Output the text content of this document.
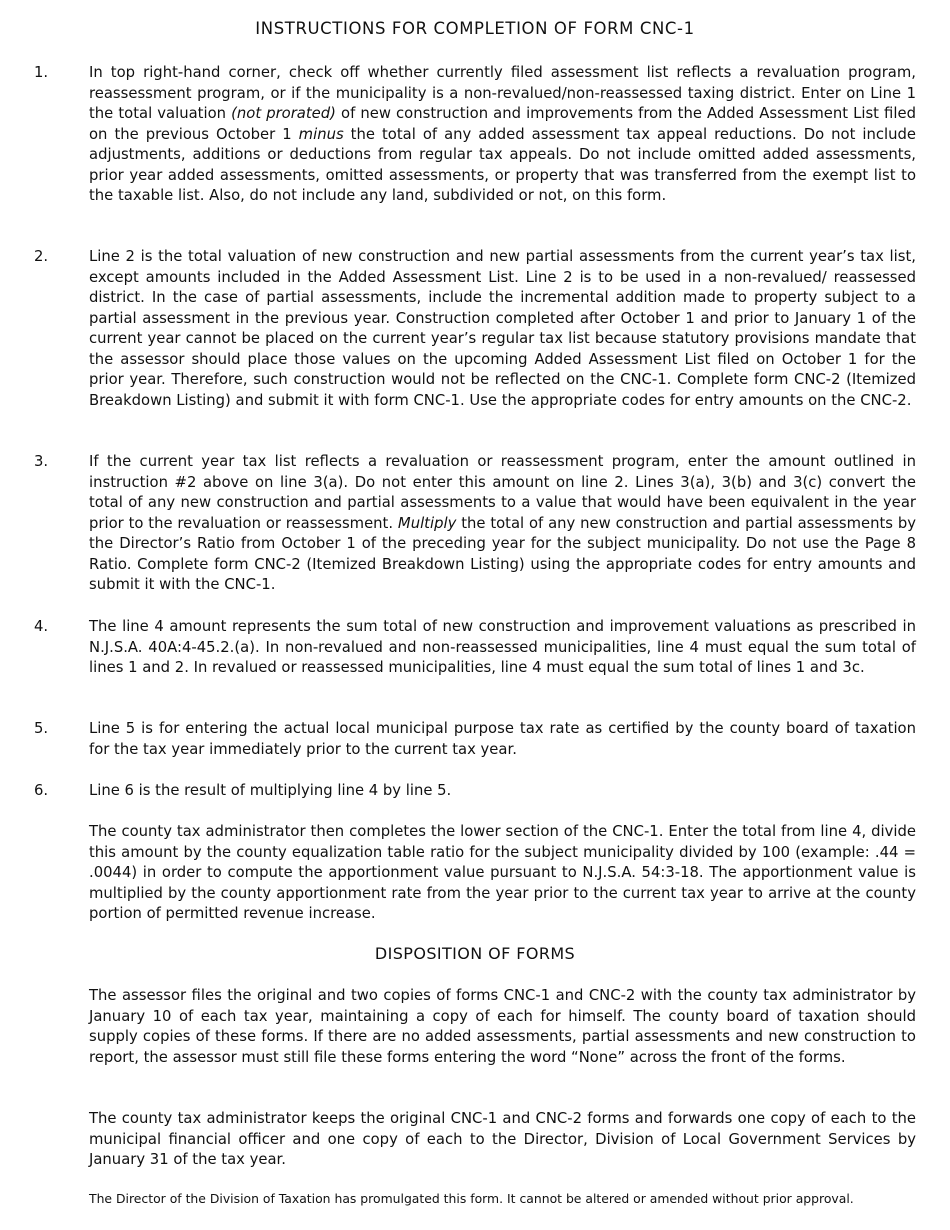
INSTRUCTIONS FOR COMPLETION OF FORM CNC-1
1.	In top right-hand corner, check off whether currently filed assessment list reflects a revaluation program, reassessment program, or if the municipality is a non-revalued/non-reassessed taxing district. Enter on Line 1 the total valuation (not prorated) of new construction and improvements from the Added Assessment List filed on the previous October 1 minus the total of any added assessment tax appeal reductions. Do not include adjustments, additions or deductions from regular tax appeals. Do not include omitted added assessments, prior year added assessments, omitted assessments, or property that was transferred from the exempt list to the taxable list. Also, do not include any land, subdivided or not, on this form.
2.	Line 2 is the total valuation of new construction and new partial assessments from the current year’s tax list, except amounts included in the Added Assessment List. Line 2 is to be used in a non-revalued/ reassessed district. In the case of partial assessments, include the incremental addition made to property subject to a partial assessment in the previous year. Construction completed after October 1 and prior to January 1 of the current year cannot be placed on the current year’s regular tax list because statutory provisions mandate that the assessor should place those values on the upcoming Added Assessment List filed on October 1 for the prior year. Therefore, such construction would not be reflected on the CNC-1. Complete form CNC-2 (Itemized Breakdown Listing) and submit it with form CNC-1. Use the appropriate codes for entry amounts on the CNC-2.
3.	If the current year tax list reflects a revaluation or reassessment program, enter the amount outlined in instruction #2 above on line 3(a). Do not enter this amount on line 2. Lines 3(a), 3(b) and 3(c) convert the total of any new construction and partial assessments to a value that would have been equivalent in the year prior to the revaluation or reassessment. Multiply the total of any new construction and partial assessments by the Director’s Ratio from October 1 of the preceding year for the subject municipality. Do not use the Page 8 Ratio. Complete form CNC-2 (Itemized Breakdown Listing) using the appropriate codes for entry amounts and submit it with the CNC-1.
4.	The line 4 amount represents the sum total of new construction and improvement valuations as prescribed in N.J.S.A. 40A:4-45.2.(a). In non-revalued and non-reassessed municipalities, line 4 must equal the sum total of lines 1 and 2. In revalued or reassessed municipalities, line 4 must equal the sum total of lines 1 and 3c.
5.	Line 5 is for entering the actual local municipal purpose tax rate as certified by the county board of taxation for the tax year immediately prior to the current tax year.
6.	Line 6 is the result of multiplying line 4 by line 5.
The county tax administrator then completes the lower section of the CNC-1. Enter the total from line 4, divide this amount by the county equalization table ratio for the subject municipality divided by 100 (example: .44 = .0044) in order to compute the apportionment value pursuant to N.J.S.A. 54:3-18. The apportionment value is multiplied by the county apportionment rate from the year prior to the current tax year to arrive at the county portion of permitted revenue increase.
DISPOSITION OF FORMS
The assessor files the original and two copies of forms CNC-1 and CNC-2 with the county tax administrator by January 10 of each tax year, maintaining a copy of each for himself. The county board of taxation should supply copies of these forms. If there are no added assessments, partial assessments and new construction to report, the assessor must still file these forms entering the word “None” across the front of the forms.
The county tax administrator keeps the original CNC-1 and CNC-2 forms and forwards one copy of each to the municipal financial officer and one copy of each to the Director, Division of Local Government Services by January 31 of the tax year.
The Director of the Division of Taxation has promulgated this form. It cannot be altered or amended without prior approval.
